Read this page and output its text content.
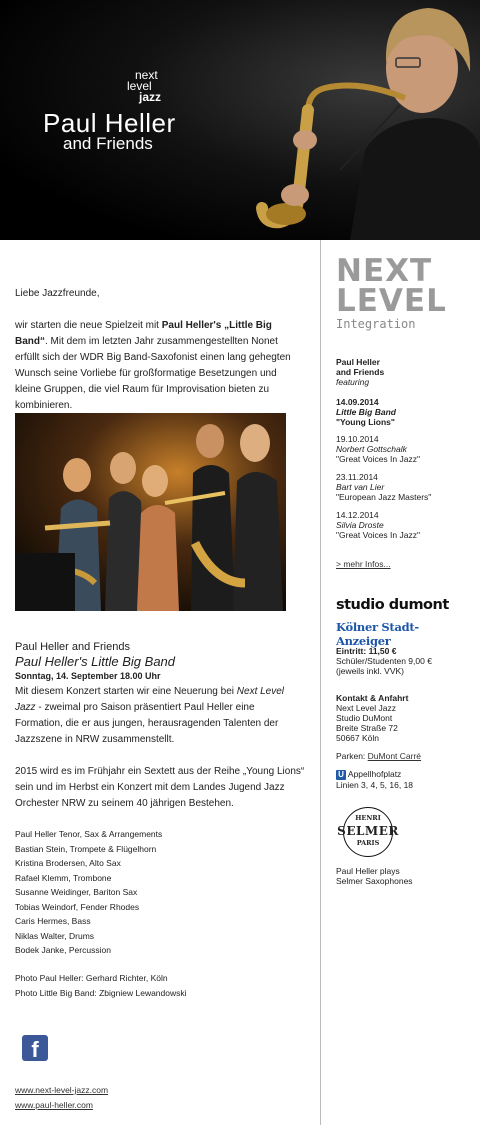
next
level
jazz
Paul Heller
and Friends

Liebe Jazzfreunde,

wir starten die neue Spielzeit mit Paul Heller's „Little Big Band“. Mit dem im letzten Jahr zusammengestellten Nonet erfüllt sich der WDR Big Band-Saxofonist einen lang gehegten Wunsch seine Vorliebe für großformatige Besetzungen und kleine Gruppen, die viel Raum für Improvisation bieten zu kombinieren.

Paul Heller and Friends
Paul Heller's Little Big Band
Sonntag, 14. September 18.00 Uhr

Mit diesem Konzert starten wir eine Neuerung bei Next Level Jazz - zweimal pro Saison präsentiert Paul Heller eine Formation, die er aus jungen, herausragenden Talenten der Jazzszene in NRW zusammenstellt.

2015 wird es im Frühjahr ein Sextett aus der Reihe „Young Lions“ sein und im Herbst ein Konzert mit dem Landes Jugend Jazz Orchester NRW zu seinem 40 jährigen Bestehen.

Paul Heller Tenor, Sax & Arrangements
Bastian Stein, Trompete & Flügelhorn
Kristina Brodersen, Alto Sax
Rafael Klemm, Trombone
Susanne Weidinger, Bariton Sax
Tobias Weindorf, Fender Rhodes
Caris Hermes, Bass
Niklas Walter, Drums
Bodek Janke, Percussion
Photo Paul Heller: Gerhard Richter, Köln
Photo Little Big Band: Zbigniew Lewandowski
f
www.next-level-jazz.com
www.paul-heller.com
NEXT
LEVEL
Integration
Paul Heller
and Friends
featuring
14.09.2014
Little Big Band
"Young Lions"
19.10.2014
Norbert Gottschalk
"Great Voices In Jazz"
23.11.2014
Bart van Lier
"European Jazz Masters"
14.12.2014
Silvia Droste
"Great Voices In Jazz"
> mehr Infos...
studio dumont
Kölner Stadt-Anzeiger
Eintritt: 11,50 €
Schüler/Studenten 9,00 €
(jeweils inkl. VVK)
Kontakt & Anfahrt
Next Level Jazz
Studio DuMont
Breite Straße 72
50667 Köln
Parken: DuMont Carré
U Appellhofplatz
Linien 3, 4, 5, 16, 18
HENRI
SELMER
PARIS
Paul Heller plays
Selmer Saxophones
